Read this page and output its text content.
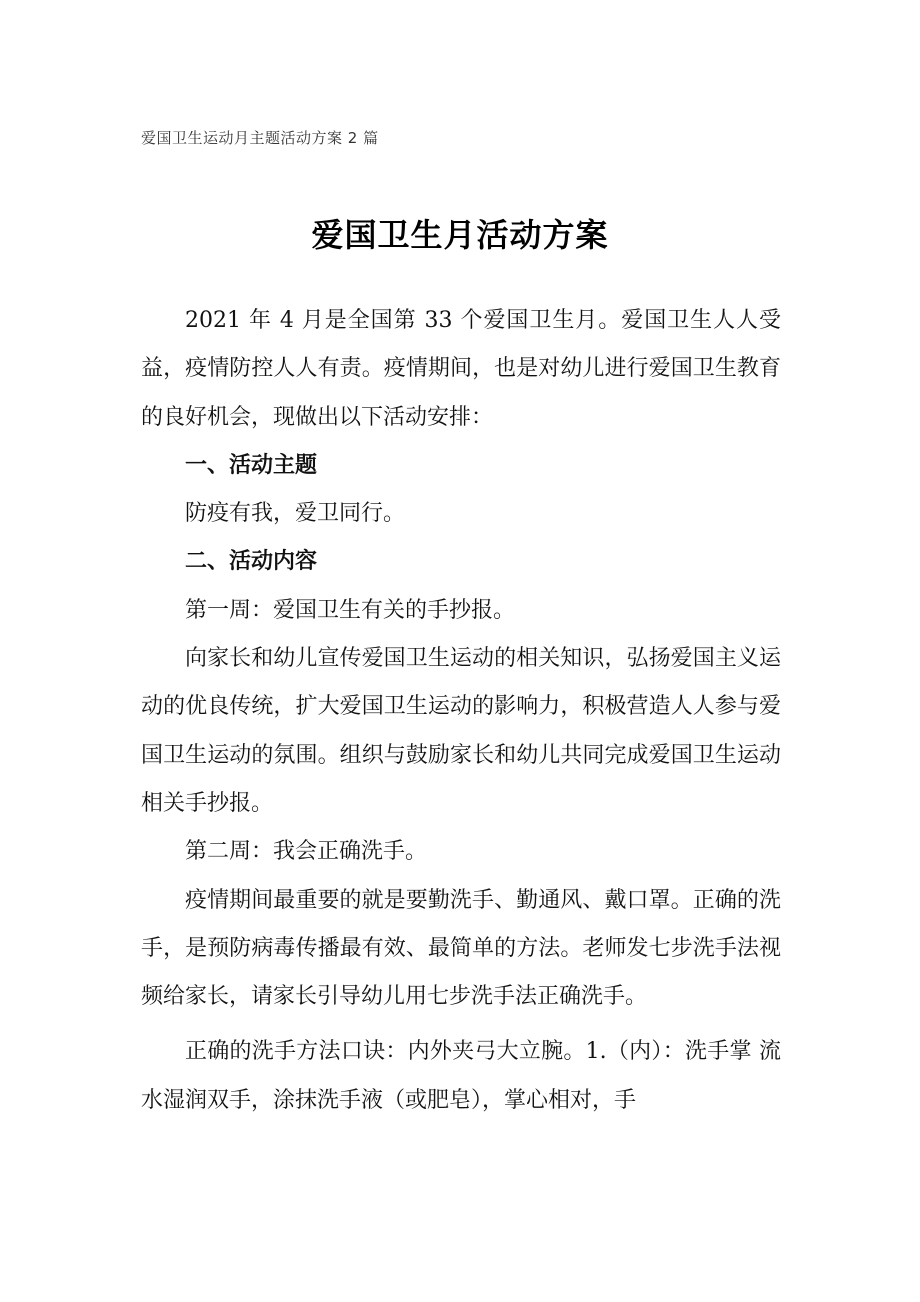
爱国卫生运动月主题活动方案 2 篇
爱国卫生月活动方案

2021 年 4 月是全国第 33 个爱国卫生月。爱国卫生人人受益，疫情防控人人有责。疫情期间，也是对幼儿进行爱国卫生教育的良好机会，现做出以下活动安排：

一、活动主题

防疫有我，爱卫同行。

二、活动内容

第一周：爱国卫生有关的手抄报。

向家长和幼儿宣传爱国卫生运动的相关知识，弘扬爱国主义运动的优良传统，扩大爱国卫生运动的影响力，积极营造人人参与爱国卫生运动的氛围。组织与鼓励家长和幼儿共同完成爱国卫生运动相关手抄报。

第二周：我会正确洗手。

疫情期间最重要的就是要勤洗手、勤通风、戴口罩。正确的洗手，是预防病毒传播最有效、最简单的方法。老师发七步洗手法视频给家长，请家长引导幼儿用七步洗手法正确洗手。

正确的洗手方法口诀：内外夹弓大立腕。1.（内）：洗手掌 流水湿润双手，涂抹洗手液（或肥皂），掌心相对，手
